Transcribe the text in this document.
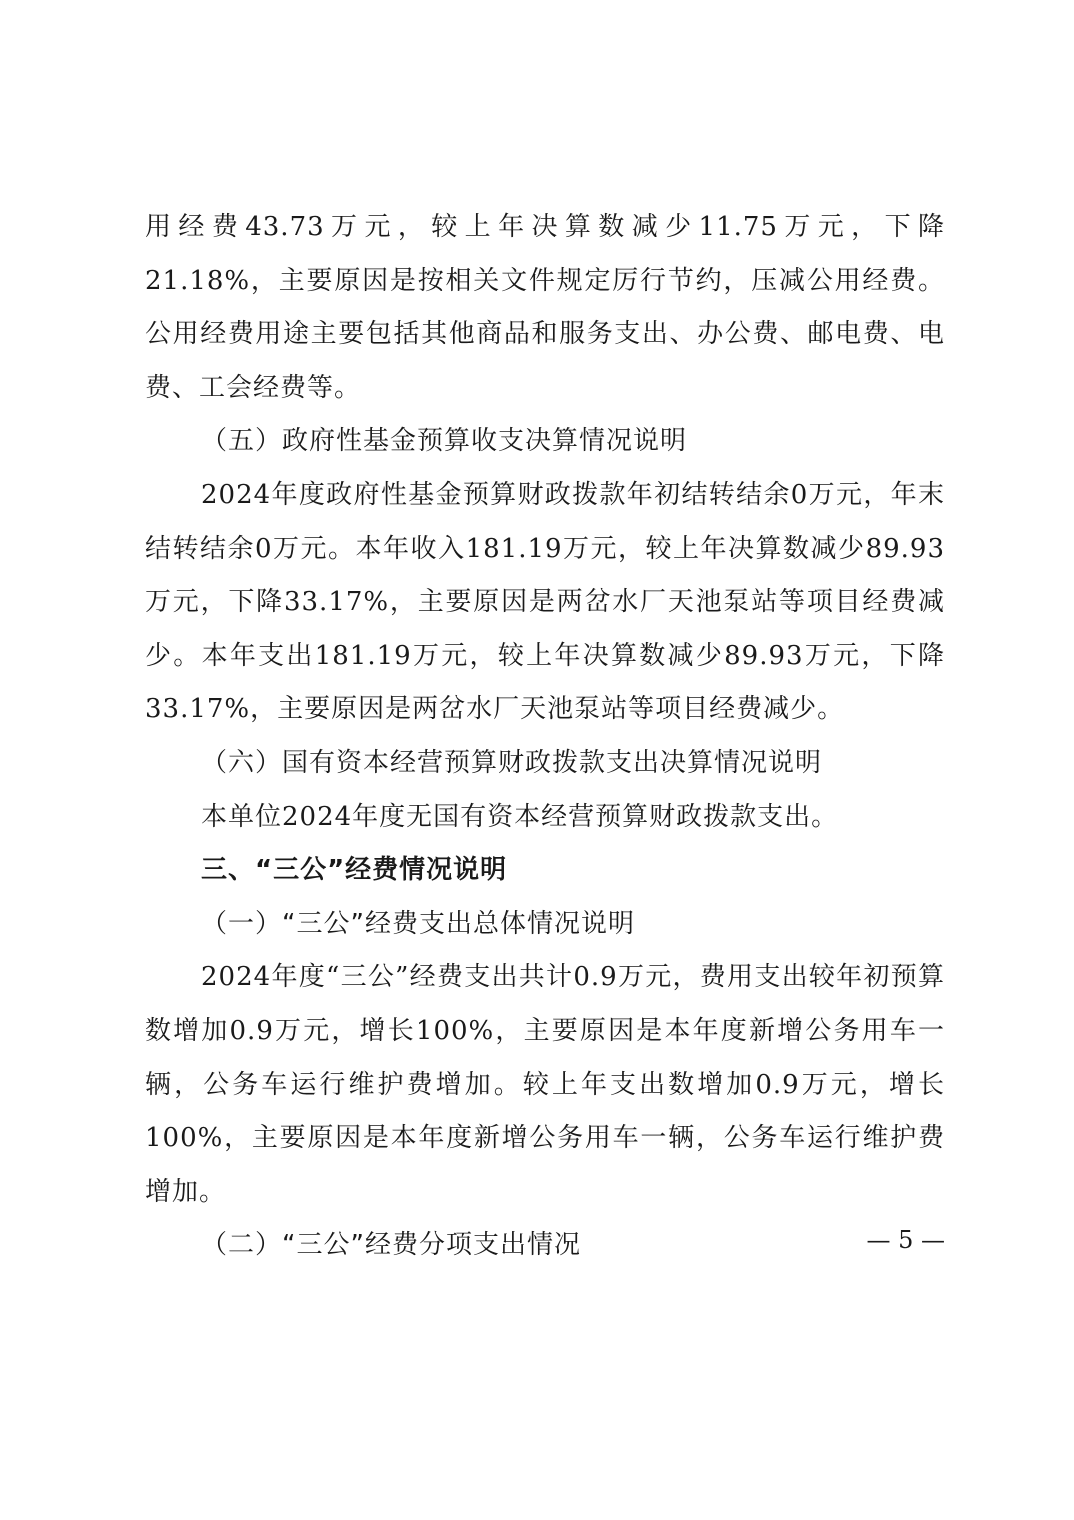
用经费43.73万元，较上年决算数减少11.75万元，下降21.18%，主要原因是按相关文件规定厉行节约，压减公用经费。公用经费用途主要包括其他商品和服务支出、办公费、邮电费、电费、工会经费等。

（五）政府性基金预算收支决算情况说明

2024年度政府性基金预算财政拨款年初结转结余0万元，年末结转结余0万元。本年收入181.19万元，较上年决算数减少89.93万元，下降33.17%，主要原因是两岔水厂天池泵站等项目经费减少。本年支出181.19万元，较上年决算数减少89.93万元，下降33.17%，主要原因是两岔水厂天池泵站等项目经费减少。

（六）国有资本经营预算财政拨款支出决算情况说明

本单位2024年度无国有资本经营预算财政拨款支出。

三、“三公”经费情况说明

（一）“三公”经费支出总体情况说明

2024年度“三公”经费支出共计0.9万元，费用支出较年初预算数增加0.9万元，增长100%，主要原因是本年度新增公务用车一辆，公务车运行维护费增加。较上年支出数增加0.9万元，增长100%，主要原因是本年度新增公务用车一辆，公务车运行维护费增加。

（二）“三公”经费分项支出情况	— 5 —
